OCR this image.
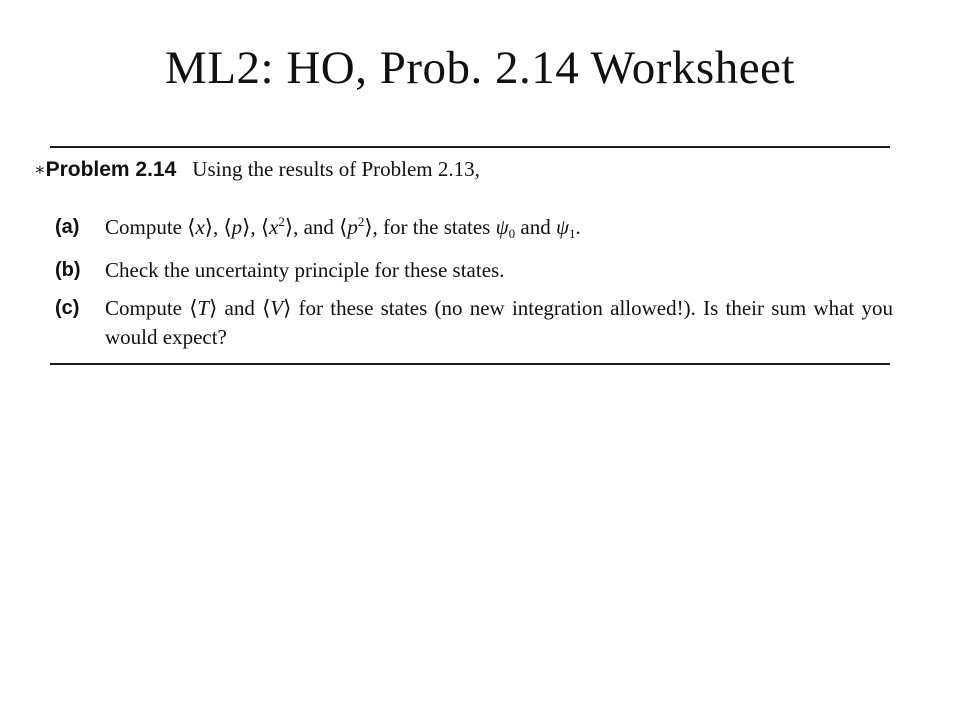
ML2: HO, Prob. 2.14 Worksheet
∗Problem 2.14 Using the results of Problem 2.13,
(a) Compute ⟨x⟩, ⟨p⟩, $⟨x^2⟩$, and $⟨p^2⟩$, for the states $\psi_0$ and $\psi_1$.
(b) Check the uncertainty principle for these states.
(c) Compute ⟨T⟩ and ⟨V⟩ for these states (no new integration allowed!). Is their sum what you would expect?
